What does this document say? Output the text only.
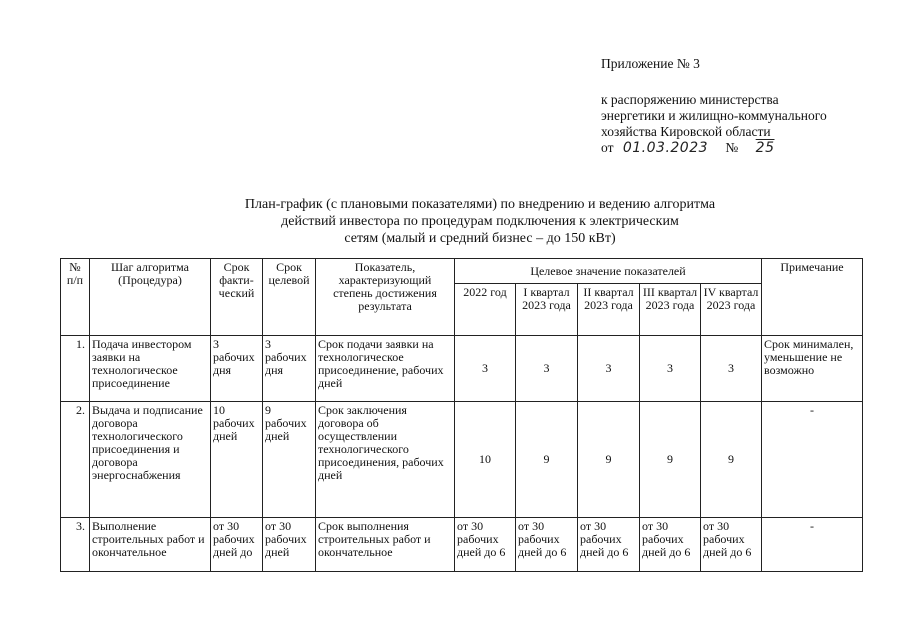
Приложение № 3
к распоряжению министерства
энергетики и жилищно-коммунального
хозяйства Кировской области
от 01.03.2023 № 25
План-график (с плановыми показателями) по внедрению и ведению алгоритма
действий инвестора по процедурам подключения к электрическим
сетям (малый и средний бизнес – до 150 кВт)
№ п/п	Шаг алгоритма (Процедура)	Срок факти-ческий	Срок целевой	Показатель, характеризующий степень достижения результата	Целевое значение показателей					Примечание
					2022 год	I квартал 2023 года	II квартал 2023 года	III квартал 2023 года	IV квартал 2023 года	
1.	Подача инвестором заявки на технологическое присоединение	3 рабочих дня	3 рабочих дня	Срок подачи заявки на технологическое присоединение, рабочих дней	3	3	3	3	3	Срок минимален, уменьшение не возможно
2.	Выдача и подписание договора технологического присоединения и договора энергоснабжения	10 рабочих дней	9 рабочих дней	Срок заключения договора об осуществлении технологического присоединения, рабочих дней	10	9	9	9	9	-
3.	Выполнение строительных работ и окончательное	от 30 рабочих дней до	от 30 рабочих дней	Срок выполнения строительных работ и окончательное	от 30 рабочих дней до 6	от 30 рабочих дней до 6	от 30 рабочих дней до 6	от 30 рабочих дней до 6	от 30 рабочих дней до 6	-
